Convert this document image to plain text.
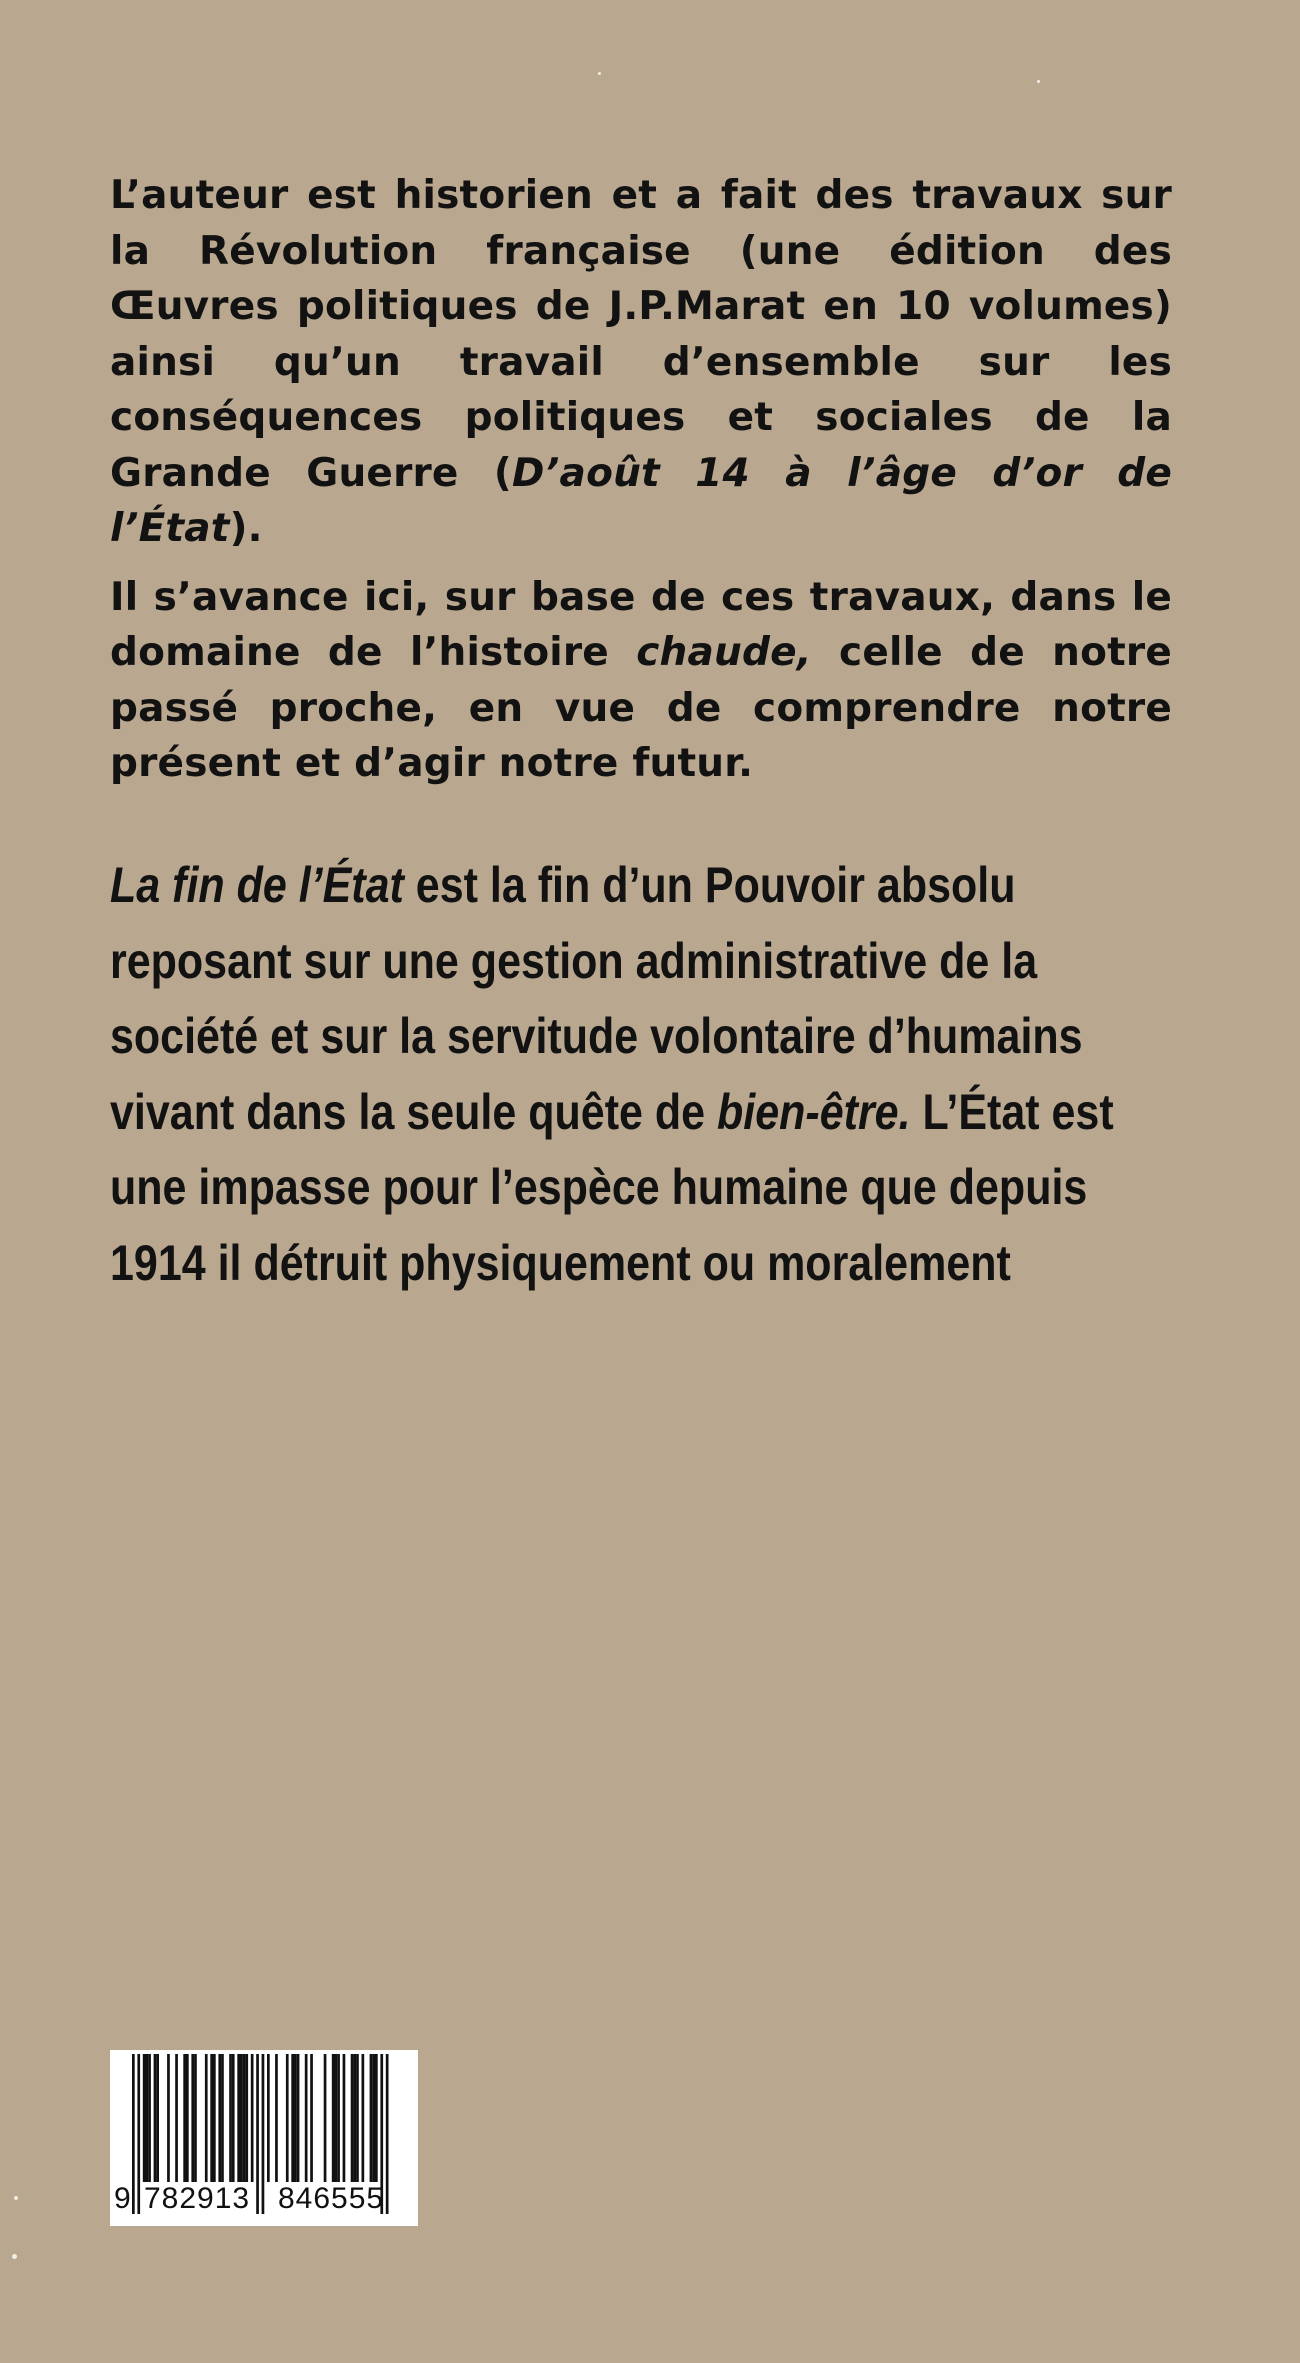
L’auteur est historien et a fait des travaux sur la Révolution française (une édition des Œuvres politiques de J.P.Marat en 10 volumes) ainsi qu’un travail d’ensemble sur les conséquences politiques et sociales de la Grande Guerre (D’août 14 à l’âge d’or de l’État).

Il s’avance ici, sur base de ces travaux, dans le domaine de l’histoire chaude, celle de notre passé proche, en vue de comprendre notre présent et d’agir notre futur.

La fin de l’État est la fin d’un Pouvoir absolu
reposant sur une gestion administrative de la
société et sur la servitude volontaire d’humains
vivant dans la seule quête de bien-être. L’État est
une impasse pour l’espèce humaine que depuis
1914 il détruit physiquement ou moralement
9 782913 846555
